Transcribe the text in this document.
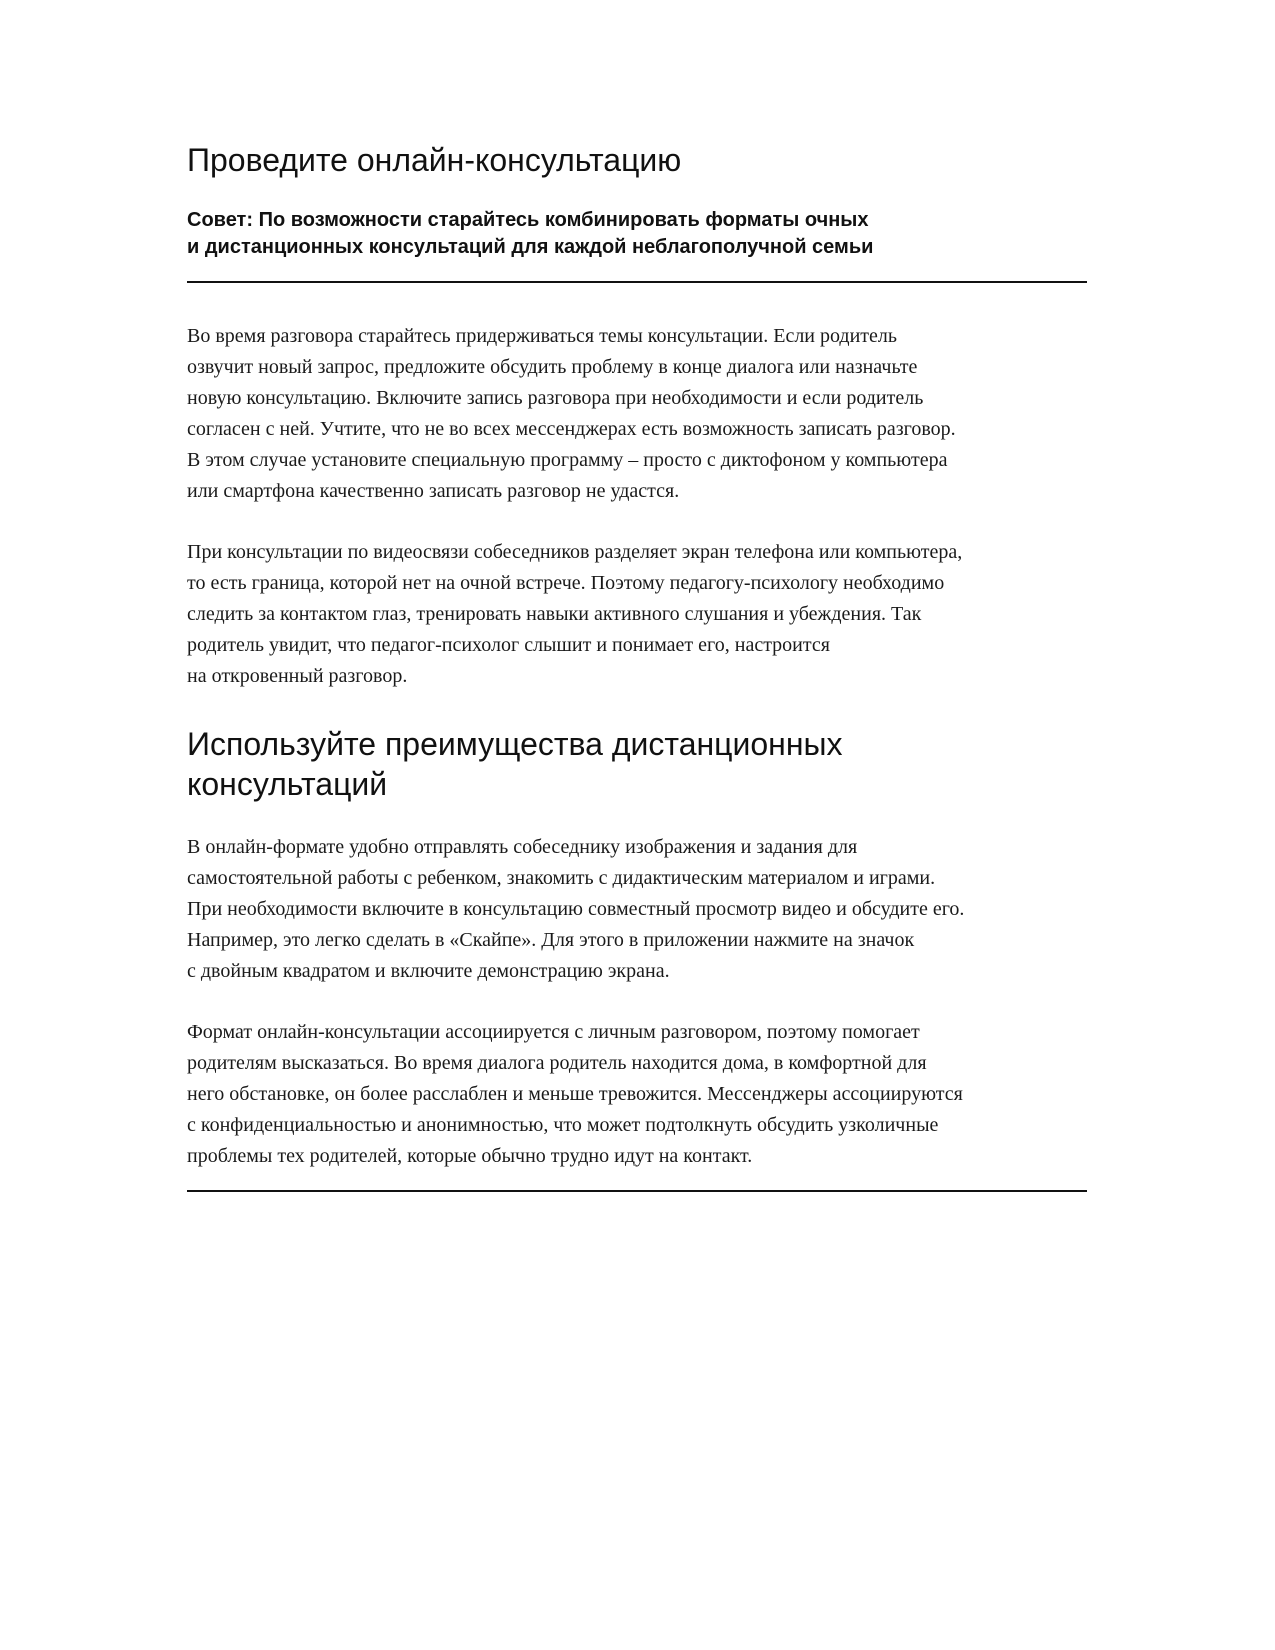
Проведите онлайн-консультацию
Совет: По возможности старайтесь комбинировать форматы очных
и дистанционных консультаций для каждой неблагополучной семьи

Во время разговора старайтесь придерживаться темы консультации. Если родитель
озвучит новый запрос, предложите обсудить проблему в конце диалога или назначьте
новую консультацию. Включите запись разговора при необходимости и если родитель
согласен с ней. Учтите, что не во всех мессенджерах есть возможность записать разговор.
В этом случае установите специальную программу – просто с диктофоном у компьютера
или смартфона качественно записать разговор не удастся.

При консультации по видеосвязи собеседников разделяет экран телефона или компьютера,
то есть граница, которой нет на очной встрече. Поэтому педагогу-психологу необходимо
следить за контактом глаз, тренировать навыки активного слушания и убеждения. Так
родитель увидит, что педагог-психолог слышит и понимает его, настроится
на откровенный разговор.

Используйте преимущества дистанционных
консультаций

В онлайн-формате удобно отправлять собеседнику изображения и задания для
самостоятельной работы с ребенком, знакомить с дидактическим материалом и играми.
При необходимости включите в консультацию совместный просмотр видео и обсудите его.
Например, это легко сделать в «Скайпе». Для этого в приложении нажмите на значок
с двойным квадратом и включите демонстрацию экрана.

Формат онлайн-консультации ассоциируется с личным разговором, поэтому помогает
родителям высказаться. Во время диалога родитель находится дома, в комфортной для
него обстановке, он более расслаблен и меньше тревожится. Мессенджеры ассоциируются
с конфиденциальностью и анонимностью, что может подтолкнуть обсудить узколичные
проблемы тех родителей, которые обычно трудно идут на контакт.
